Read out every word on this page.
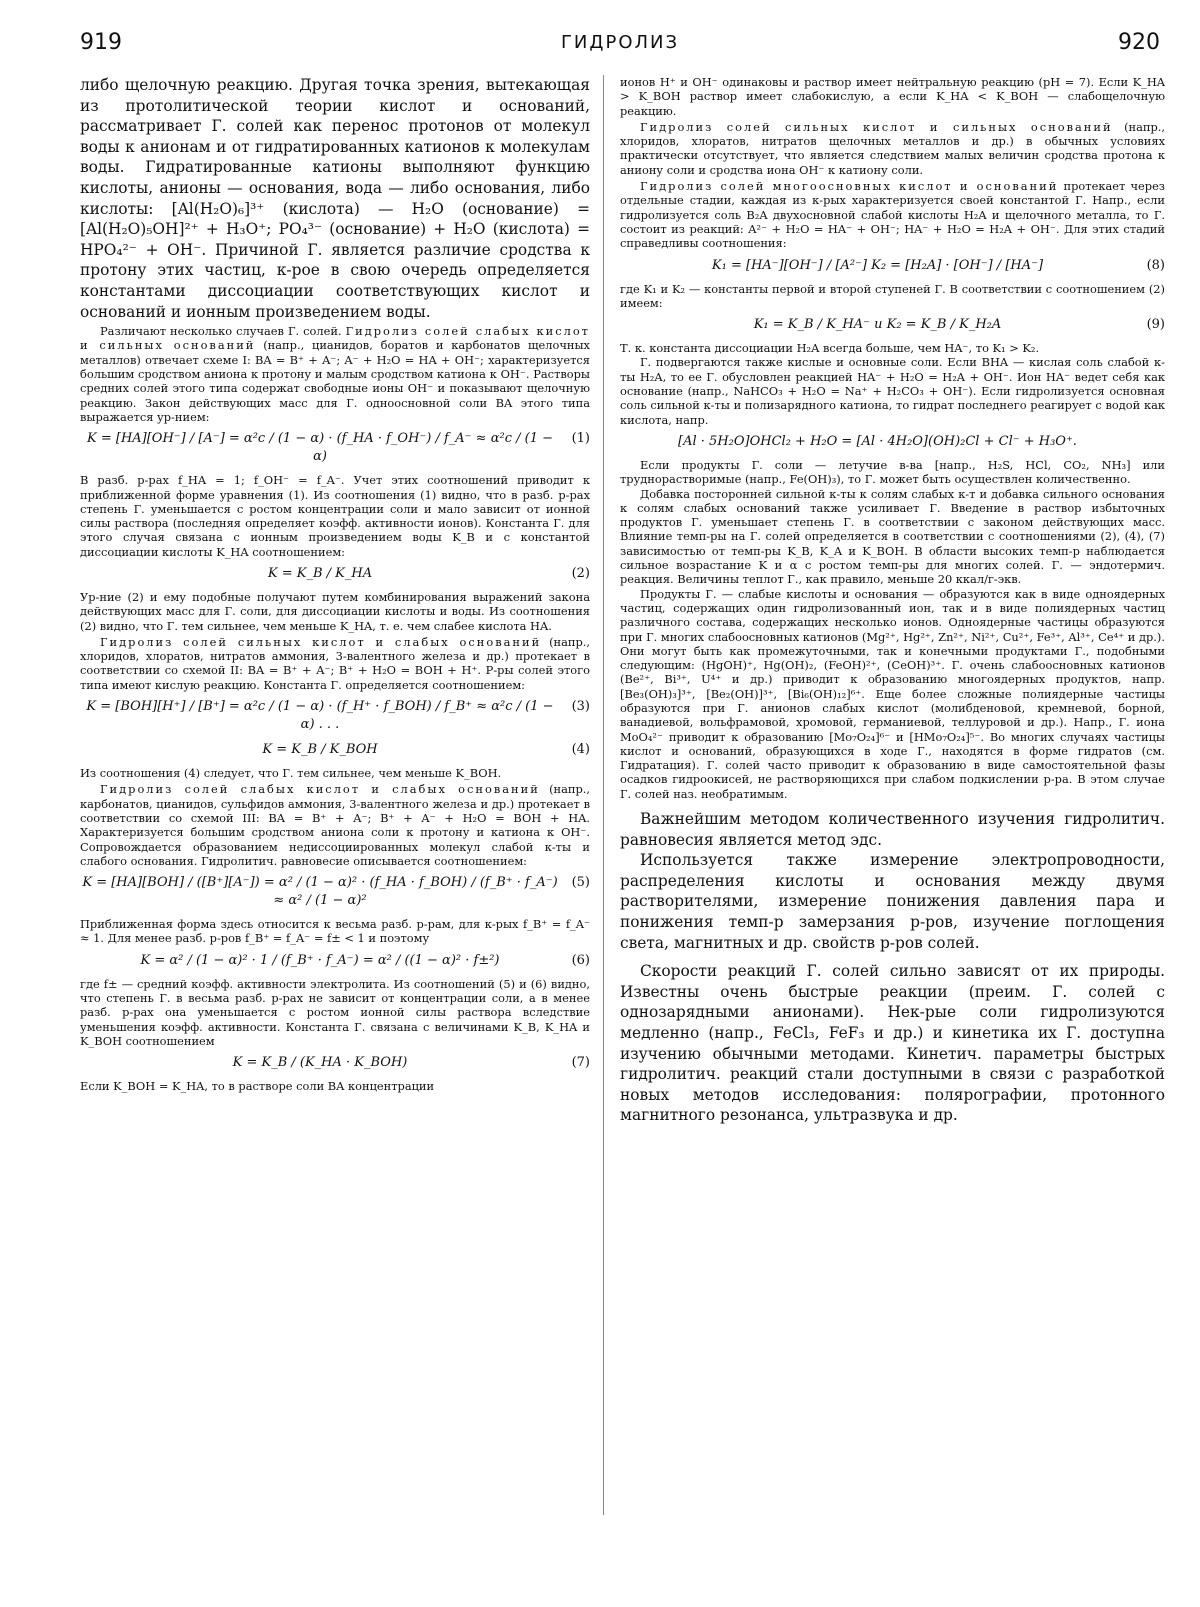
919	ГИДРОЛИЗ	920

либо щелочную реакцию. Другая точка зрения, вытекающая из протолитической теории кислот и оснований, рассматривает Г. солей как перенос протонов от молекул воды к анионам и от гидратированных катионов к молекулам воды. Гидратированные катионы выполняют функцию кислоты, анионы — основания, вода — либо основания, либо кислоты: [Al(H₂O)₆]³⁺ (кислота) — H₂O (основание) = [Al(H₂O)₅OH]²⁺ + H₃O⁺; PO₄³⁻ (основание) + H₂O (кислота) = HPO₄²⁻ + OH⁻. Причиной Г. является различие сродства к протону этих частиц, к-рое в свою очередь определяется константами диссоциации соответствующих кислот и оснований и ионным произведением воды.

Различают несколько случаев Г. солей. Гидролиз солей слабых кислот и сильных оснований (напр., цианидов, боратов и карбонатов щелочных металлов) отвечает схеме I: BA = B⁺ + A⁻; A⁻ + H₂O = HA + OH⁻; характеризуется большим сродством аниона к протону и малым сродством катиона к OH⁻. Растворы средних солей этого типа содержат свободные ионы OH⁻ и показывают щелочную реакцию. Закон действующих масс для Г. одноосновной соли BA этого типа выражается ур-нием:

K = [HA][OH⁻] / [A⁻] = α²c / (1 − α) · (f_HA · f_OH⁻) / f_A⁻ ≈ α²c / (1 − α)
(1)

В разб. р-рах f_HA = 1; f_OH⁻ = f_A⁻. Учет этих соотношений приводит к приближенной форме уравнения (1). Из соотношения (1) видно, что в разб. р-рах степень Г. уменьшается с ростом концентрации соли и мало зависит от ионной силы раствора (последняя определяет коэфф. активности ионов). Константа Г. для этого случая связана с ионным произведением воды K_B и с константой диссоциации кислоты K_HA соотношением:

K = K_B / K_HA	(2)

Ур-ние (2) и ему подобные получают путем комбинирования выражений закона действующих масс для Г. соли, для диссоциации кислоты и воды. Из соотношения (2) видно, что Г. тем сильнее, чем меньше K_HA, т. е. чем слабее кислота HA.

Гидролиз солей сильных кислот и слабых оснований (напр., хлоридов, хлоратов, нитратов аммония, 3-валентного железа и др.) протекает в соответствии со схемой II: BA = B⁺ + A⁻; B⁺ + H₂O = BOH + H⁺. Р-ры солей этого типа имеют кислую реакцию. Константа Г. определяется соотношением:

K = [BOH][H⁺] / [B⁺] = α²c / (1 − α) · (f_H⁺ · f_BOH) / f_B⁺ ≈ α²c / (1 − α) . . .
(3)
K = K_B / K_BOH	(4)

Из соотношения (4) следует, что Г. тем сильнее, чем меньше K_BOH.

Гидролиз солей слабых кислот и слабых оснований (напр., карбонатов, цианидов, сульфидов аммония, 3-валентного железа и др.) протекает в соответствии со схемой III: BA = B⁺ + A⁻; B⁺ + A⁻ + H₂O = BOH + HA. Характеризуется большим сродством аниона соли к протону и катиона к OH⁻. Сопровождается образованием недиссоциированных молекул слабой к-ты и слабого основания. Гидролитич. равновесие описывается соотношением:

K = [HA][BOH] / ([B⁺][A⁻]) = α² / (1 − α)² · (f_HA · f_BOH) / (f_B⁺ · f_A⁻) ≈ α² / (1 − α)²
(5)

Приближенная форма здесь относится к весьма разб. р-рам, для к-рых f_B⁺ = f_A⁻ ≈ 1. Для менее разб. р-ров f_B⁺ = f_A⁻ = f± < 1 и поэтому

K = α² / (1 − α)² · 1 / (f_B⁺ · f_A⁻) = α² / ((1 − α)² · f±²)	(6)

где f± — средний коэфф. активности электролита. Из соотношений (5) и (6) видно, что степень Г. в весьма разб. р-рах не зависит от концентрации соли, а в менее разб. р-рах она уменьшается с ростом ионной силы раствора вследствие уменьшения коэфф. активности. Константа Г. связана с величинами K_B, K_HA и K_BOH соотношением

K = K_B / (K_HA · K_BOH)	(7)

Если K_BOH = K_HA, то в растворе соли BA концентрации

ионов H⁺ и OH⁻ одинаковы и раствор имеет нейтральную реакцию (pH = 7). Если K_HA > K_BOH раствор имеет слабокислую, а если K_HA < K_BOH — слабощелочную реакцию.

Гидролиз солей сильных кислот и сильных оснований (напр., хлоридов, хлоратов, нитратов щелочных металлов и др.) в обычных условиях практически отсутствует, что является следствием малых величин сродства протона к аниону соли и сродства иона OH⁻ к катиону соли.

Гидролиз солей многоосновных кислот и оснований протекает через отдельные стадии, каждая из к-рых характеризуется своей константой Г. Напр., если гидролизуется соль B₂A двухосновной слабой кислоты H₂A и щелочного металла, то Г. состоит из реакций: A²⁻ + H₂O = HA⁻ + OH⁻; HA⁻ + H₂O = H₂A + OH⁻. Для этих стадий справедливы соотношения:

K₁ = [HA⁻][OH⁻] / [A²⁻] K₂ = [H₂A] · [OH⁻] / [HA⁻]	(8)

где K₁ и K₂ — константы первой и второй ступеней Г. В соответствии с соотношением (2) имеем:

K₁ = K_B / K_HA⁻ и K₂ = K_B / K_H₂A	(9)

Т. к. константа диссоциации H₂A всегда больше, чем HA⁻, то K₁ > K₂.

Г. подвергаются также кислые и основные соли. Если BHA — кислая соль слабой к-ты H₂A, то ее Г. обусловлен реакцией HA⁻ + H₂O = H₂A + OH⁻. Ион HA⁻ ведет себя как основание (напр., NaHCO₃ + H₂O = Na⁺ + H₂CO₃ + OH⁻). Если гидролизуется основная соль сильной к-ты и полизарядного катиона, то гидрат последнего реагирует с водой как кислота, напр.

[Al · 5H₂O]OHCl₂ + H₂O = [Al · 4H₂O](OH)₂Cl + Cl⁻ + H₃O⁺.

Если продукты Г. соли — летучие в-ва [напр., H₂S, HCl, CO₂, NH₃] или труднорастворимые (напр., Fe(OH)₃), то Г. может быть осуществлен количественно.

Добавка посторонней сильной к-ты к солям слабых к-т и добавка сильного основания к солям слабых оснований также усиливает Г. Введение в раствор избыточных продуктов Г. уменьшает степень Г. в соответствии с законом действующих масс. Влияние темп-ры на Г. солей определяется в соответствии с соотношениями (2), (4), (7) зависимостью от темп-ры K_B, K_A и K_BOH. В области высоких темп-р наблюдается сильное возрастание K и α с ростом темп-ры для многих солей. Г. — эндотермич. реакция. Величины теплот Г., как правило, меньше 20 ккал/г-экв.

Продукты Г. — слабые кислоты и основания — образуются как в виде одноядерных частиц, содержащих один гидролизованный ион, так и в виде полиядерных частиц различного состава, содержащих несколько ионов. Одноядерные частицы образуются при Г. многих слабоосновных катионов (Mg²⁺, Hg²⁺, Zn²⁺, Ni²⁺, Cu²⁺, Fe³⁺, Al³⁺, Ce⁴⁺ и др.). Они могут быть как промежуточными, так и конечными продуктами Г., подобными следующим: (HgOH)⁺, Hg(OH)₂, (FeOH)²⁺, (CeOH)³⁺. Г. очень слабоосновных катионов (Be²⁺, Bi³⁺, U⁴⁺ и др.) приводит к образованию многоядерных продуктов, напр. [Be₃(OH)₃]³⁺, [Be₂(OH)]³⁺, [Bi₆(OH)₁₂]⁶⁺. Еще более сложные полиядерные частицы образуются при Г. анионов слабых кислот (молибденовой, кремневой, борной, ванадиевой, вольфрамовой, хромовой, германиевой, теллуровой и др.). Напр., Г. иона MoO₄²⁻ приводит к образованию [Mo₇O₂₄]⁶⁻ и [HMo₇O₂₄]⁵⁻. Во многих случаях частицы кислот и оснований, образующихся в ходе Г., находятся в форме гидратов (см. Гидратация). Г. солей часто приводит к образованию в виде самостоятельной фазы осадков гидроокисей, не растворяющихся при слабом подкислении р-ра. В этом случае Г. солей наз. необратимым.

Важнейшим методом количественного изучения гидролитич. равновесия является метод эдс.

Используется также измерение электропроводности, распределения кислоты и основания между двумя растворителями, измерение понижения давления пара и понижения темп-р замерзания р-ров, изучение поглощения света, магнитных и др. свойств р-ров солей.

Скорости реакций Г. солей сильно зависят от их природы. Известны очень быстрые реакции (преим. Г. солей с однозарядными анионами). Нек-рые соли гидролизуются медленно (напр., FeCl₃, FeF₃ и др.) и кинетика их Г. доступна изучению обычными методами. Кинетич. параметры быстрых гидролитич. реакций стали доступными в связи с разработкой новых методов исследования: полярографии, протонного магнитного резонанса, ультразвука и др.
